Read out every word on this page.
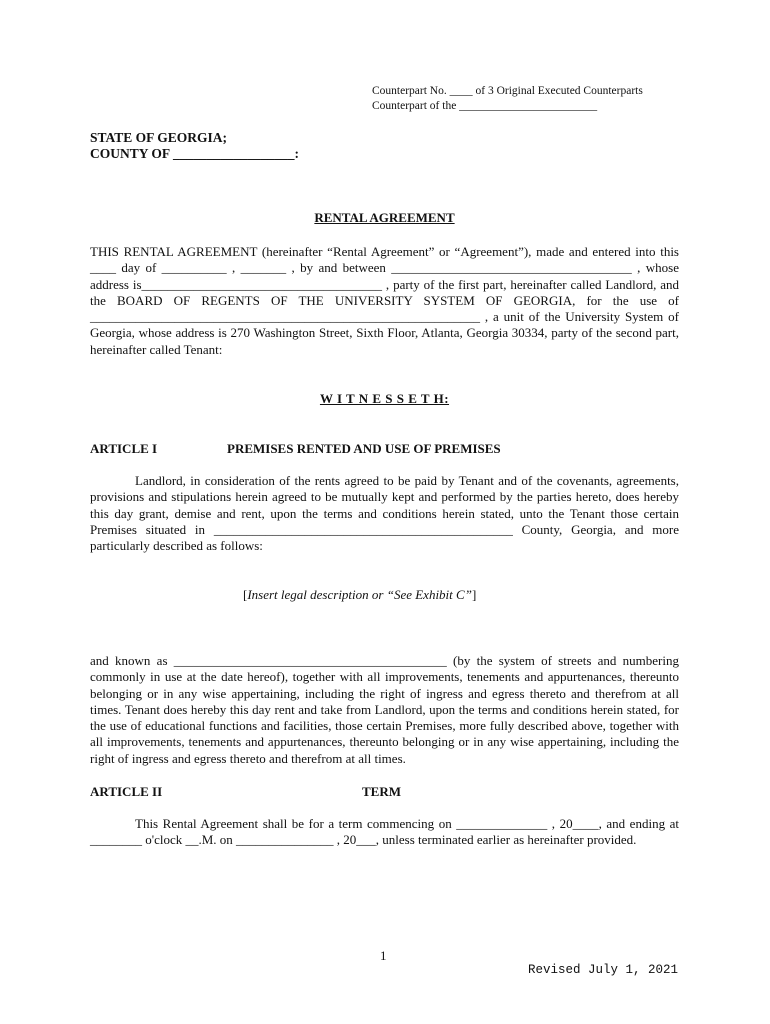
Counterpart No. ____ of 3 Original Executed Counterparts
Counterpart of the ________________________
STATE OF GEORGIA;
COUNTY OF __________________:
RENTAL AGREEMENT

THIS RENTAL AGREEMENT (hereinafter “Rental Agreement” or “Agreement”), made and entered into this ____ day of __________ , _______ , by and between _____________________________________ , whose address is_____________________________________ , party of the first part, hereinafter called Landlord, and the BOARD OF REGENTS OF THE UNIVERSITY SYSTEM OF GEORGIA, for the use of ____________________________________________________________ , a unit of the University System of Georgia, whose address is 270 Washington Street, Sixth Floor, Atlanta, Georgia 30334, party of the second part, hereinafter called Tenant:

W I T N E S S E T H:
ARTICLE I	PREMISES RENTED AND USE OF PREMISES

Landlord, in consideration of the rents agreed to be paid by Tenant and of the covenants, agreements, provisions and stipulations herein agreed to be mutually kept and performed by the parties hereto, does hereby this day grant, demise and rent, upon the terms and conditions herein stated, unto the Tenant those certain Premises situated in ______________________________________________ County, Georgia, and more particularly described as follows:

[Insert legal description or “See Exhibit C”]

and known as __________________________________________ (by the system of streets and numbering commonly in use at the date hereof), together with all improvements, tenements and appurtenances, thereunto belonging or in any wise appertaining, including the right of ingress and egress thereto and therefrom at all times. Tenant does hereby this day rent and take from Landlord, upon the terms and conditions herein stated, for the use of educational functions and facilities, those certain Premises, more fully described above, together with all improvements, tenements and appurtenances, thereunto belonging or in any wise appertaining, including the right of ingress and egress thereto and therefrom at all times.

ARTICLE II	TERM

This Rental Agreement shall be for a term commencing on ______________ , 20____, and ending at ________ o'clock __.M. on _______________ , 20___, unless terminated earlier as hereinafter provided.

1
Revised July 1, 2021
